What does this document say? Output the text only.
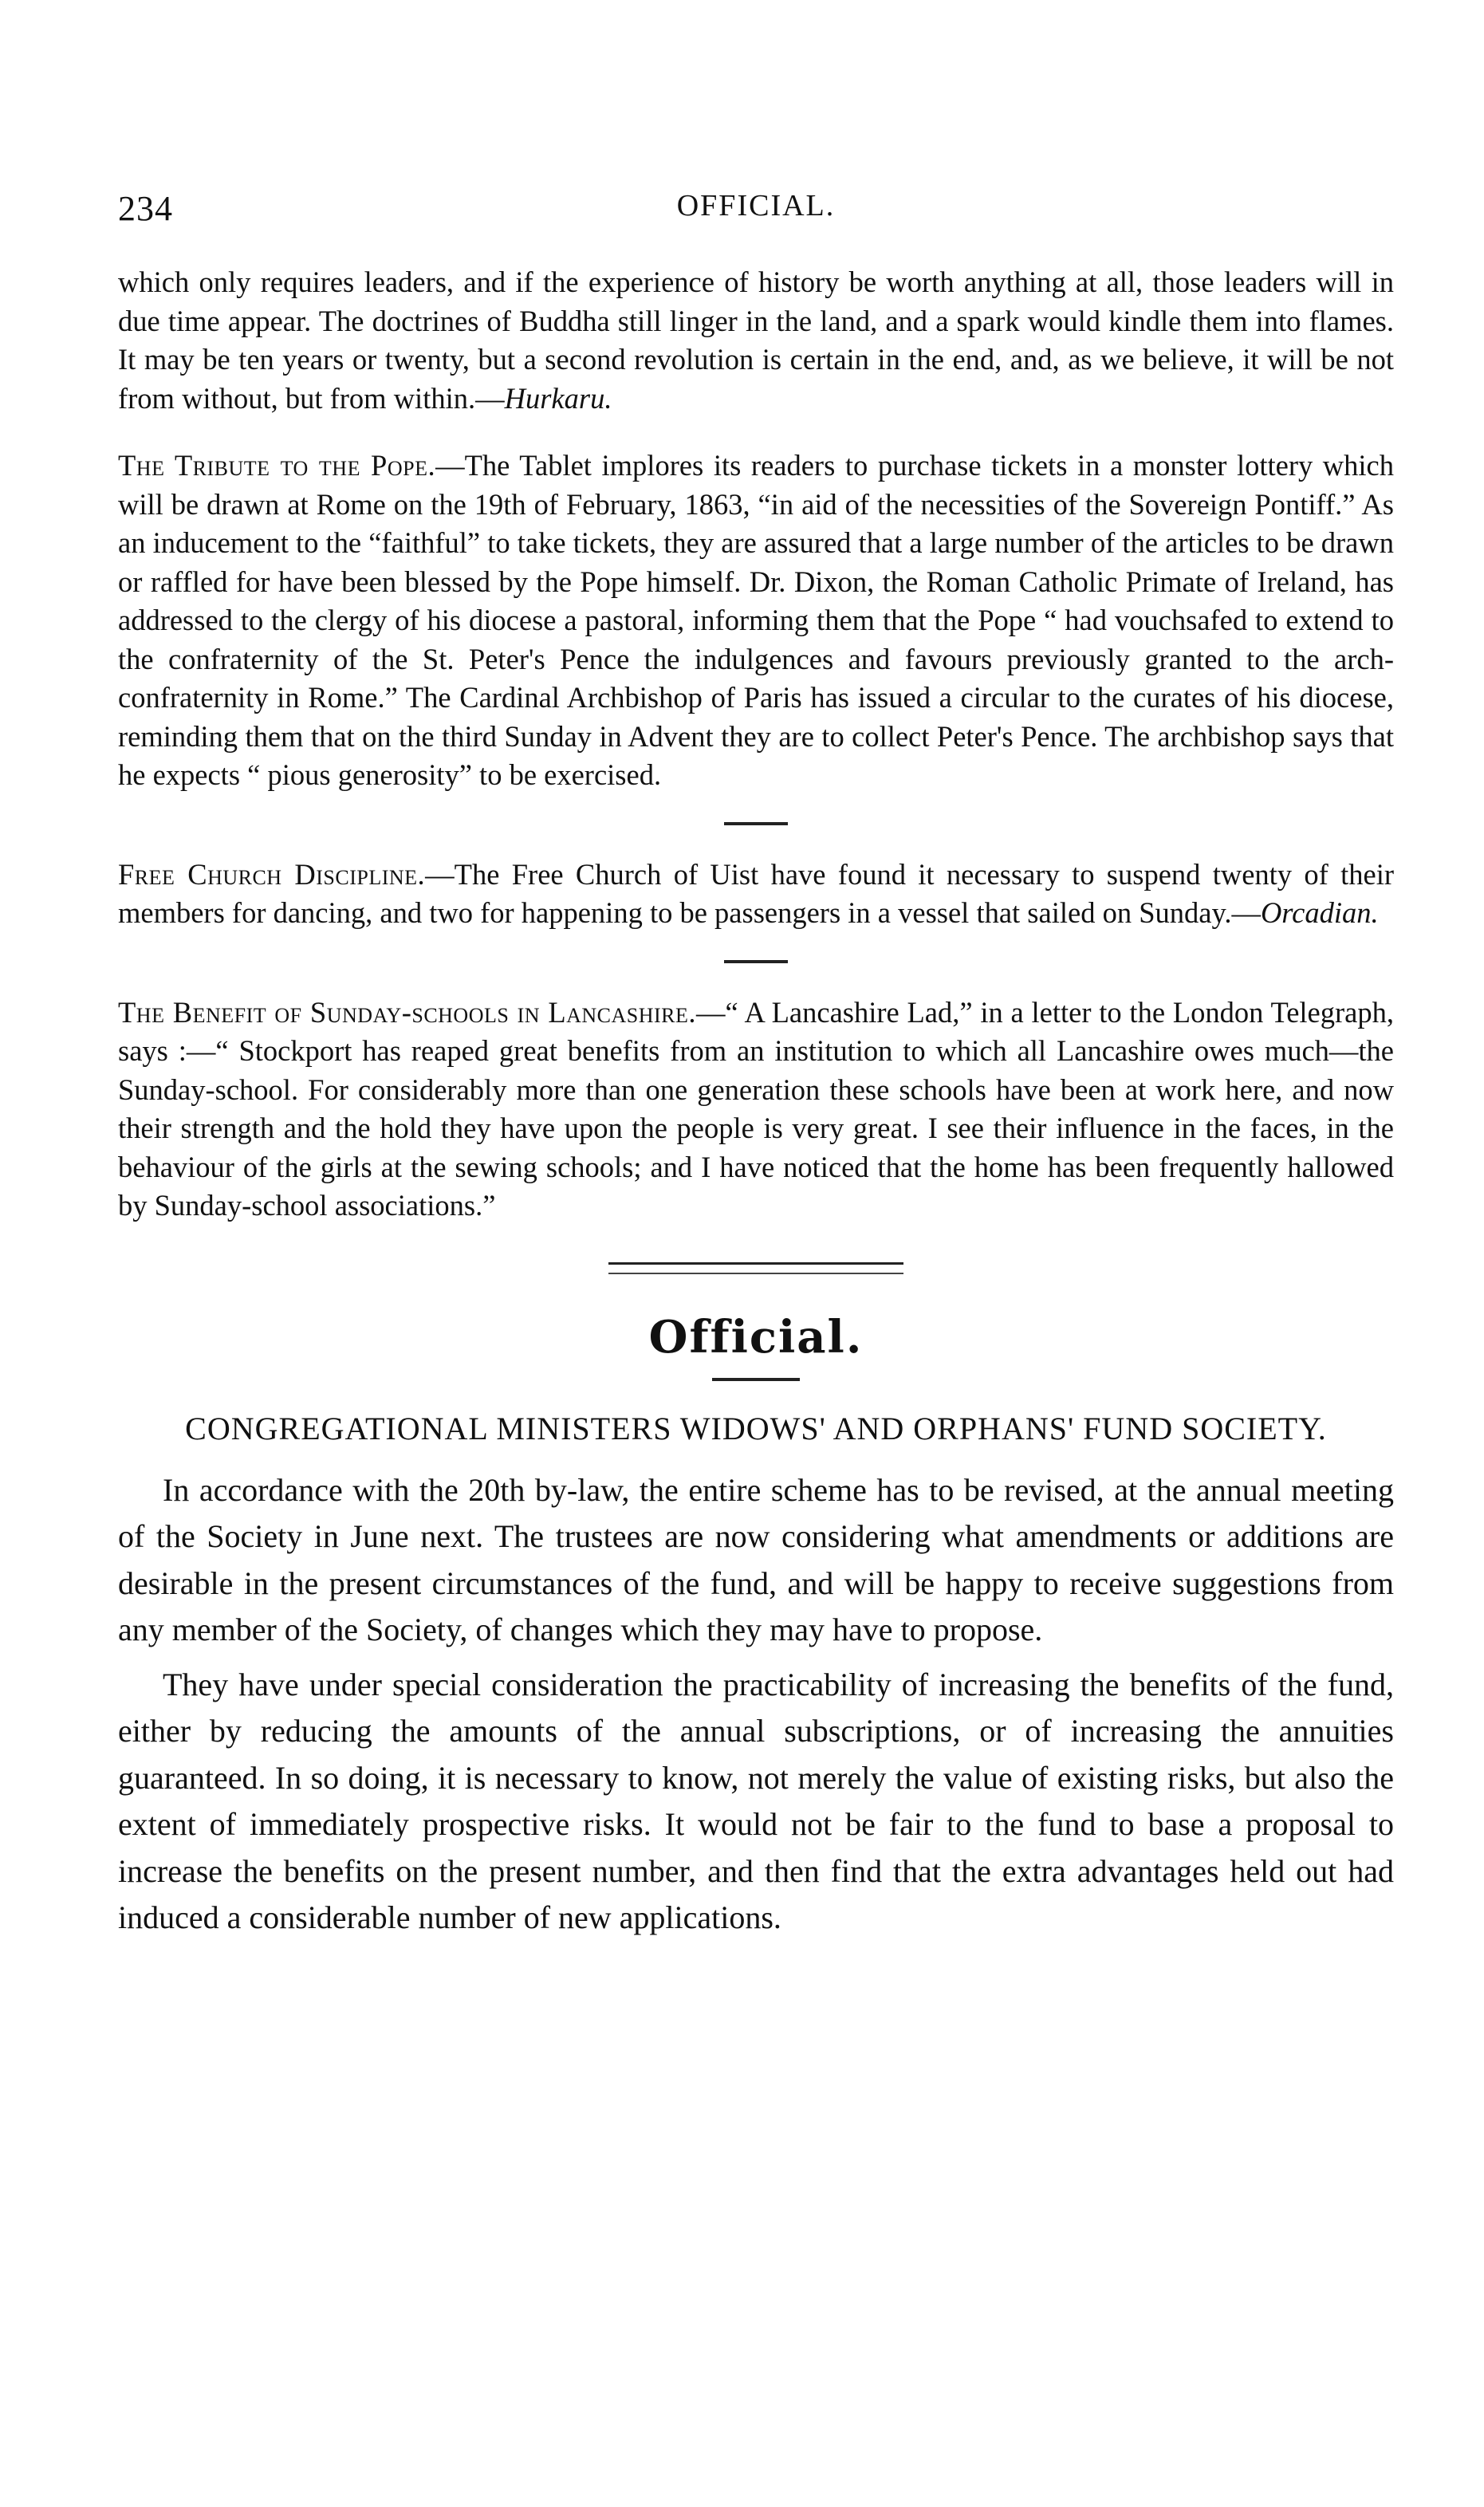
234	OFFICIAL.

which only requires leaders, and if the experience of history be worth anything at all, those leaders will in due time appear. The doctrines of Buddha still linger in the land, and a spark would kindle them into flames. It may be ten years or twenty, but a second revolution is certain in the end, and, as we believe, it will be not from without, but from within.—Hurkaru.

The Tribute to the Pope.—The Tablet implores its readers to purchase tickets in a monster lottery which will be drawn at Rome on the 19th of February, 1863, “in aid of the necessities of the Sovereign Pontiff.” As an inducement to the “faithful” to take tickets, they are assured that a large number of the articles to be drawn or raffled for have been blessed by the Pope himself. Dr. Dixon, the Roman Catholic Primate of Ireland, has addressed to the clergy of his diocese a pastoral, informing them that the Pope “ had vouchsafed to extend to the confraternity of the St. Peter's Pence the indulgences and favours previously granted to the arch-confraternity in Rome.” The Cardinal Archbishop of Paris has issued a circular to the curates of his diocese, reminding them that on the third Sunday in Advent they are to collect Peter's Pence. The archbishop says that he expects “ pious generosity” to be exercised.

Free Church Discipline.—The Free Church of Uist have found it necessary to suspend twenty of their members for dancing, and two for happening to be passengers in a vessel that sailed on Sunday.—Orcadian.

The Benefit of Sunday-schools in Lancashire.—“ A Lancashire Lad,” in a letter to the London Telegraph, says :—“ Stockport has reaped great benefits from an institution to which all Lancashire owes much—the Sunday-school. For considerably more than one generation these schools have been at work here, and now their strength and the hold they have upon the people is very great. I see their influence in the faces, in the behaviour of the girls at the sewing schools; and I have noticed that the home has been frequently hallowed by Sunday-school associations.”

Official.
CONGREGATIONAL MINISTERS WIDOWS' AND ORPHANS' FUND SOCIETY.

In accordance with the 20th by-law, the entire scheme has to be revised, at the annual meeting of the Society in June next. The trustees are now considering what amendments or additions are desirable in the present circumstances of the fund, and will be happy to receive suggestions from any member of the Society, of changes which they may have to propose.

They have under special consideration the practicability of increasing the benefits of the fund, either by reducing the amounts of the annual subscriptions, or of increasing the annuities guaranteed. In so doing, it is necessary to know, not merely the value of existing risks, but also the extent of immediately prospective risks. It would not be fair to the fund to base a proposal to increase the benefits on the present number, and then find that the extra advantages held out had induced a considerable number of new applications.
